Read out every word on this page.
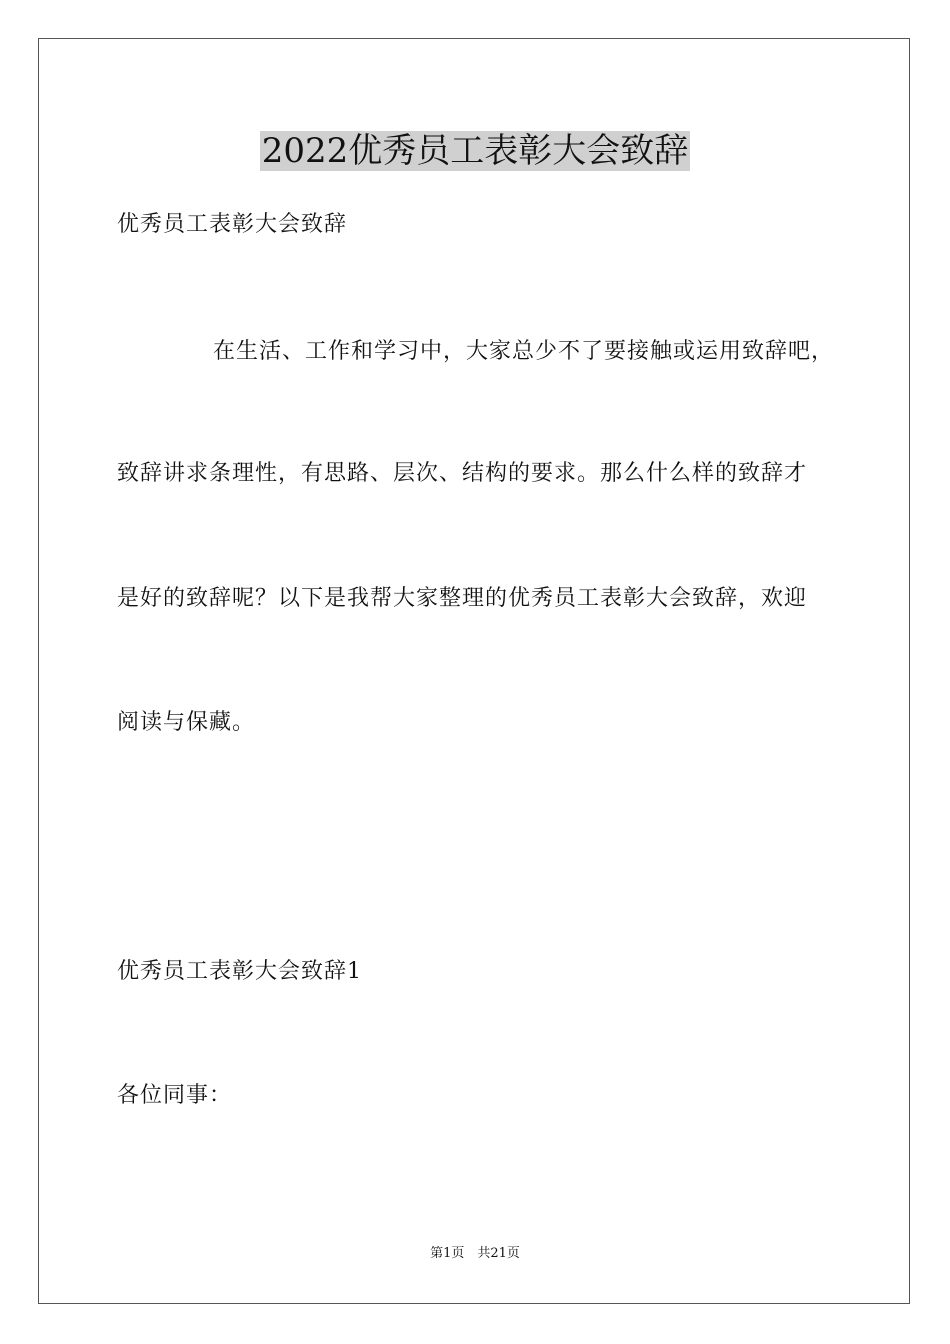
2022优秀员工表彰大会致辞
优秀员工表彰大会致辞
在生活、工作和学习中，大家总少不了要接触或运用致辞吧，
致辞讲求条理性，有思路、层次、结构的要求。那么什么样的致辞才
是好的致辞呢？以下是我帮大家整理的优秀员工表彰大会致辞，欢迎
阅读与保藏。
优秀员工表彰大会致辞1
各位同事：
第1页　共21页
